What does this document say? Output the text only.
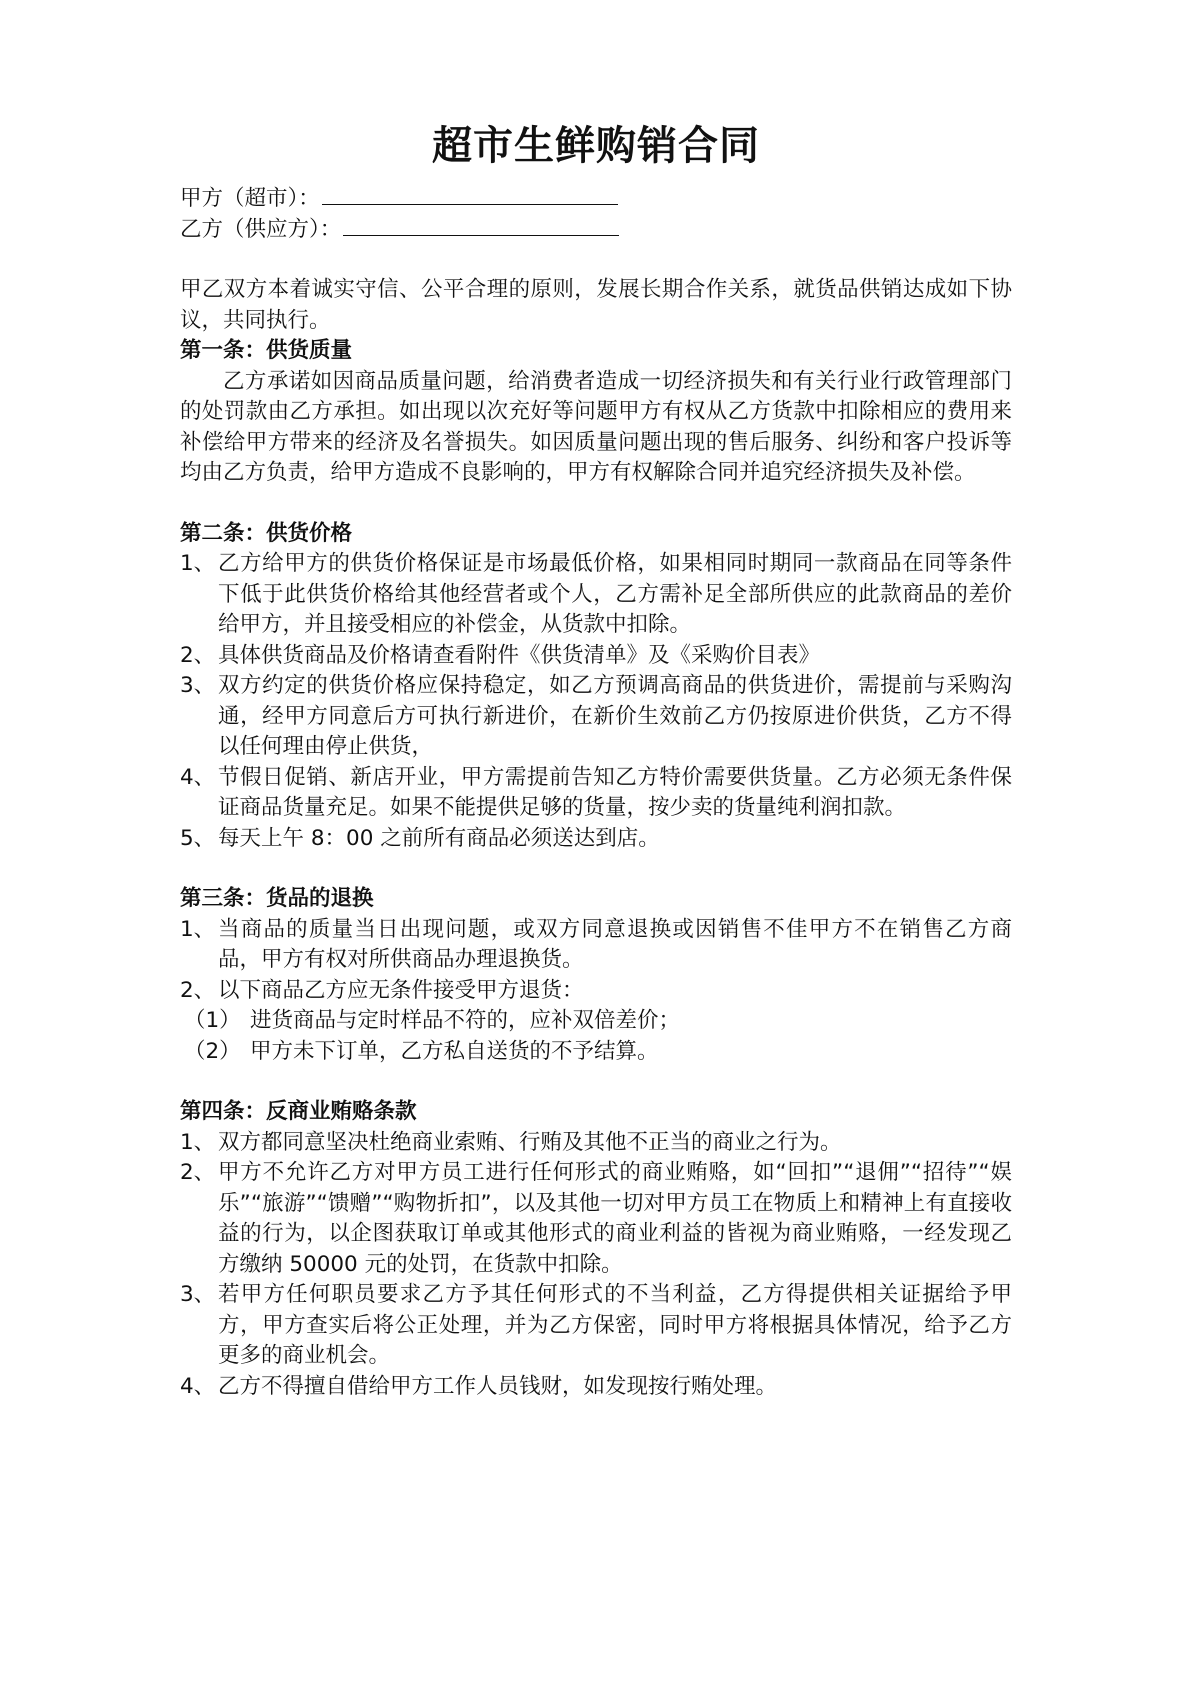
超市生鲜购销合同

甲方（超市）：

乙方（供应方）：

甲乙双方本着诚实守信、公平合理的原则，发展长期合作关系，就货品供销达成如下协议，共同执行。

第一条：供货质量

乙方承诺如因商品质量问题，给消费者造成一切经济损失和有关行业行政管理部门的处罚款由乙方承担。如出现以次充好等问题甲方有权从乙方货款中扣除相应的费用来补偿给甲方带来的经济及名誉损失。如因质量问题出现的售后服务、纠纷和客户投诉等均由乙方负责，给甲方造成不良影响的，甲方有权解除合同并追究经济损失及补偿。

第二条：供货价格

1、 乙方给甲方的供货价格保证是市场最低价格，如果相同时期同一款商品在同等条件下低于此供货价格给其他经营者或个人，乙方需补足全部所供应的此款商品的差价给甲方，并且接受相应的补偿金，从货款中扣除。
2、 具体供货商品及价格请查看附件《供货清单》及《采购价目表》
3、 双方约定的供货价格应保持稳定，如乙方预调高商品的供货进价，需提前与采购沟通，经甲方同意后方可执行新进价，在新价生效前乙方仍按原进价供货，乙方不得以任何理由停止供货，
4、 节假日促销、新店开业，甲方需提前告知乙方特价需要供货量。乙方必须无条件保证商品货量充足。如果不能提供足够的货量，按少卖的货量纯利润扣款。
5、 每天上午 8：00 之前所有商品必须送达到店。

第三条：货品的退换

1、 当商品的质量当日出现问题，或双方同意退换或因销售不佳甲方不在销售乙方商品，甲方有权对所供商品办理退换货。
2、 以下商品乙方应无条件接受甲方退货：
（1） 进货商品与定时样品不符的，应补双倍差价；
（2） 甲方未下订单，乙方私自送货的不予结算。

第四条：反商业贿赂条款

1、 双方都同意坚决杜绝商业索贿、行贿及其他不正当的商业之行为。
2、 甲方不允许乙方对甲方员工进行任何形式的商业贿赂，如“回扣”“退佣”“招待”“娱乐”“旅游”“馈赠”“购物折扣”，以及其他一切对甲方员工在物质上和精神上有直接收益的行为，以企图获取订单或其他形式的商业利益的皆视为商业贿赂，一经发现乙方缴纳 50000 元的处罚，在货款中扣除。
3、 若甲方任何职员要求乙方予其任何形式的不当利益，乙方得提供相关证据给予甲方，甲方查实后将公正处理，并为乙方保密，同时甲方将根据具体情况，给予乙方更多的商业机会。
4、 乙方不得擅自借给甲方工作人员钱财，如发现按行贿处理。
